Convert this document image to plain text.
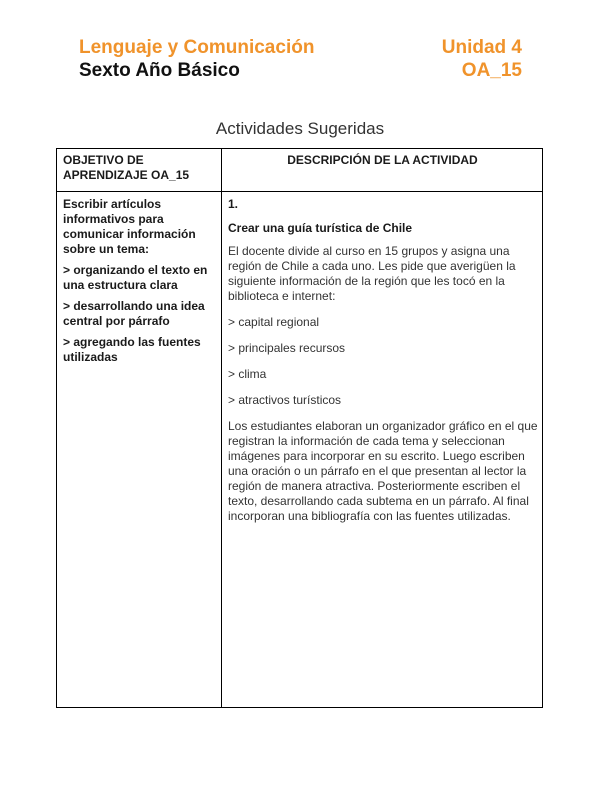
Lenguaje y Comunicación	Unidad 4
Sexto Año Básico	OA_15
Actividades Sugeridas
OBJETIVO DE APRENDIZAJE OA_15
DESCRIPCIÓN DE LA ACTIVIDAD

Escribir artículos informativos para comunicar información sobre un tema:

> organizando el texto en una estructura clara

> desarrollando una idea central por párrafo

> agregando las fuentes utilizadas

1.
Crear una guía turística de Chile

El docente divide al curso en 15 grupos y asigna una región de Chile a cada uno. Les pide que averigüen la siguiente información de la región que les tocó en la biblioteca e internet:

> capital regional
> principales recursos
> clima
> atractivos turísticos

Los estudiantes elaboran un organizador gráfico en el que registran la información de cada tema y seleccionan imágenes para incorporar en su escrito. Luego escriben una oración o un párrafo en el que presentan al lector la región de manera atractiva. Posteriormente escriben el texto, desarrollando cada subtema en un párrafo. Al final incorporan una bibliografía con las fuentes utilizadas.
